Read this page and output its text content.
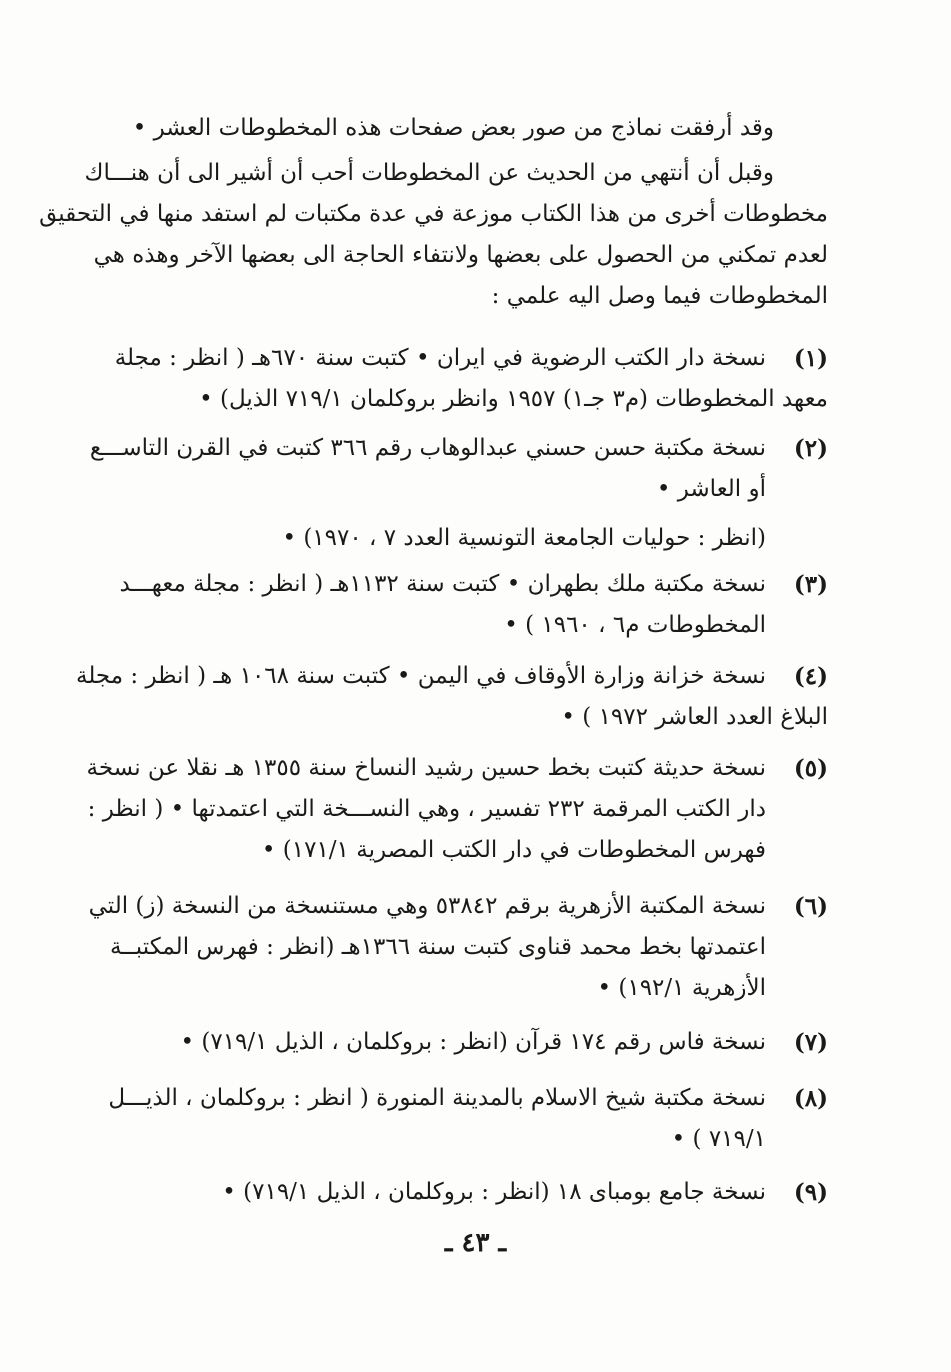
وقد أرفقت نماذج من صور بعض صفحات هذه المخطوطات العشر •
وقبل أن أنتهي من الحديث عن المخطوطات أحب أن أشير الى أن هنـــاك
مخطوطات أخرى من هذا الكتاب موزعة في عدة مكتبات لم استفد منها في التحقيق
لعدم تمكني من الحصول على بعضها ولانتفاء الحاجة الى بعضها الآخر وهذه هي
المخطوطات فيما وصل اليه علمي :
(١)
نسخة دار الكتب الرضوية في ايران • كتبت سنة ٦٧٠هـ ( انظر : مجلة
معهد المخطوطات (م٣ جـ١) ١٩٥٧ وانظر بروكلمان ٧١٩/١ الذيل) •
(٢)
نسخة مكتبة حسن حسني عبدالوهاب رقم ٣٦٦ كتبت في القرن التاســـع
أو العاشر •
(انظر : حوليات الجامعة التونسية العدد ٧ ، ١٩٧٠) •
(٣)
نسخة مكتبة ملك بطهران • كتبت سنة ١١٣٢هـ ( انظر : مجلة معهـــد
المخطوطات م٦ ، ١٩٦٠ ) •
(٤)
نسخة خزانة وزارة الأوقاف في اليمن • كتبت سنة ١٠٦٨ هـ ( انظر : مجلة
البلاغ العدد العاشر ١٩٧٢ ) •
(٥)
نسخة حديثة كتبت بخط حسين رشيد النساخ سنة ١٣٥٥ هـ نقلا عن نسخة
دار الكتب المرقمة ٢٣٢ تفسير ، وهي النســـخة التي اعتمدتها • ( انظر :
فهرس المخطوطات في دار الكتب المصرية ١٧١/١) •
(٦)
نسخة المكتبة الأزهرية برقم ٥٣٨٤٢ وهي مستنسخة من النسخة (ز) التي
اعتمدتها بخط محمد قناوى كتبت سنة ١٣٦٦هـ (انظر : فهرس المكتبــة
الأزهرية ١٩٢/١) •
(٧)
نسخة فاس رقم ١٧٤ قرآن (انظر : بروكلمان ، الذيل ٧١٩/١) •
(٨)
نسخة مكتبة شيخ الاسلام بالمدينة المنورة ( انظر : بروكلمان ، الذيـــل
٧١٩/١ ) •
(٩)
نسخة جامع بومباى ١٨ (انظر : بروكلمان ، الذيل ٧١٩/١) •
ـ ٤٣ ـ
